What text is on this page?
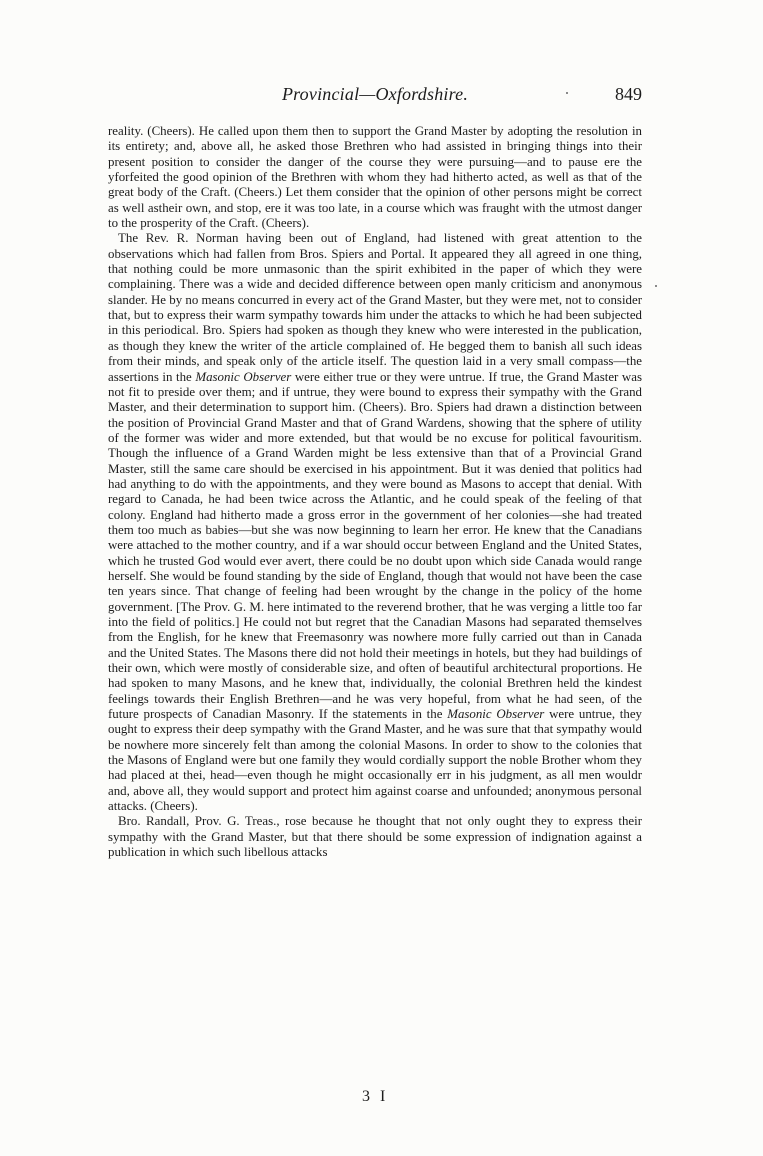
Provincial—Oxfordshire.	849

reality. (Cheers). He called upon them then to support the Grand Master by adopting the resolution in its entirety; and, above all, he asked those Brethren who had assisted in bringing things into their present position to consider the danger of the course they were pursuing—and to pause ere the yforfeited the good opinion of the Brethren with whom they had hitherto acted, as well as that of the great body of the Craft. (Cheers.) Let them consider that the opinion of other persons might be correct as well astheir own, and stop, ere it was too late, in a course which was fraught with the utmost danger to the prosperity of the Craft. (Cheers).

The Rev. R. Norman having been out of England, had listened with great attention to the observations which had fallen from Bros. Spiers and Portal. It appeared they all agreed in one thing, that nothing could be more unmasonic than the spirit exhibited in the paper of which they were complaining. There was a wide and decided difference between open manly criticism and anonymous slander. He by no means concurred in every act of the Grand Master, but they were met, not to consider that, but to express their warm sympathy towards him under the attacks to which he had been subjected in this periodical. Bro. Spiers had spoken as though they knew who were interested in the publication, as though they knew the writer of the article complained of. He begged them to banish all such ideas from their minds, and speak only of the article itself. The question laid in a very small compass—the assertions in the Masonic Observer were either true or they were untrue. If true, the Grand Master was not fit to preside over them; and if untrue, they were bound to express their sympathy with the Grand Master, and their determination to support him. (Cheers). Bro. Spiers had drawn a distinction between the position of Provincial Grand Master and that of Grand Wardens, showing that the sphere of utility of the former was wider and more extended, but that would be no excuse for political favouritism. Though the influence of a Grand Warden might be less extensive than that of a Provincial Grand Master, still the same care should be exercised in his appointment. But it was denied that politics had had anything to do with the appointments, and they were bound as Masons to accept that denial. With regard to Canada, he had been twice across the Atlantic, and he could speak of the feeling of that colony. England had hitherto made a gross error in the government of her colonies—she had treated them too much as babies—but she was now beginning to learn her error. He knew that the Canadians were attached to the mother country, and if a war should occur between England and the United States, which he trusted God would ever avert, there could be no doubt upon which side Canada would range herself. She would be found standing by the side of England, though that would not have been the case ten years since. That change of feeling had been wrought by the change in the policy of the home government. [The Prov. G. M. here intimated to the reverend brother, that he was verging a little too far into the field of politics.] He could not but regret that the Canadian Masons had separated themselves from the English, for he knew that Freemasonry was nowhere more fully carried out than in Canada and the United States. The Masons there did not hold their meetings in hotels, but they had buildings of their own, which were mostly of considerable size, and often of beautiful architectural proportions. He had spoken to many Masons, and he knew that, individually, the colonial Brethren held the kindest feelings towards their English Brethren—and he was very hopeful, from what he had seen, of the future prospects of Canadian Masonry. If the statements in the Masonic Observer were untrue, they ought to express their deep sympathy with the Grand Master, and he was sure that that sympathy would be nowhere more sincerely felt than among the colonial Masons. In order to show to the colonies that the Masons of England were but one family they would cordially support the noble Brother whom they had placed at thei, head—even though he might occasionally err in his judgment, as all men wouldr and, above all, they would support and protect him against coarse and unfounded; anonymous personal attacks. (Cheers).

Bro. Randall, Prov. G. Treas., rose because he thought that not only ought they to express their sympathy with the Grand Master, but that there should be some expression of indignation against a publication in which such libellous attacks

3 I
